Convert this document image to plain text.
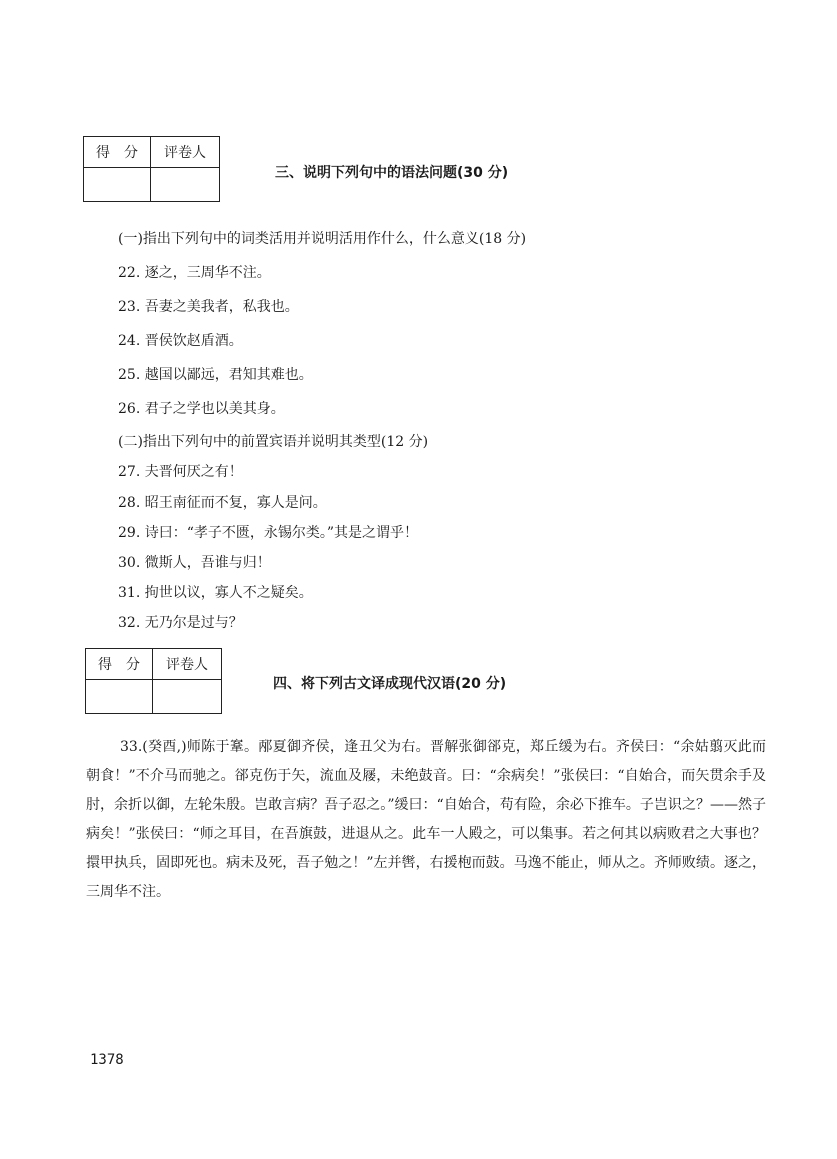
得　分	评卷人

三、说明下列句中的语法问题(30 分)
(一)指出下列句中的词类活用并说明活用作什么，什么意义(18 分)
22. 逐之，三周华不注。
23. 吾妻之美我者，私我也。
24. 晋侯饮赵盾酒。
25. 越国以鄙远，君知其难也。
26. 君子之学也以美其身。
(二)指出下列句中的前置宾语并说明其类型(12 分)
27. 夫晋何厌之有！
28. 昭王南征而不复，寡人是问。
29. 诗曰：“孝子不匮，永锡尔类。”其是之谓乎！
30. 微斯人，吾谁与归！
31. 拘世以议，寡人不之疑矣。
32. 无乃尔是过与？
得　分	评卷人

四、将下列古文译成现代汉语(20 分)

33.(癸酉,)师陈于鞌。邴夏御齐侯，逢丑父为右。晋解张御郤克，郑丘缓为右。齐侯曰：“余姑翦灭此而朝食！”不介马而驰之。郤克伤于矢，流血及屦，未绝鼓音。曰：“余病矣！”张侯曰：“自始合，而矢贯余手及肘，余折以御，左轮朱殷。岂敢言病？吾子忍之。”缓曰：“自始合，苟有险，余必下推车。子岂识之？——然子病矣！”张侯曰：“师之耳目，在吾旗鼓，进退从之。此车一人殿之，可以集事。若之何其以病败君之大事也？擐甲执兵，固即死也。病未及死，吾子勉之！”左并辔，右援枹而鼓。马逸不能止，师从之。齐师败绩。逐之，三周华不注。

1378
